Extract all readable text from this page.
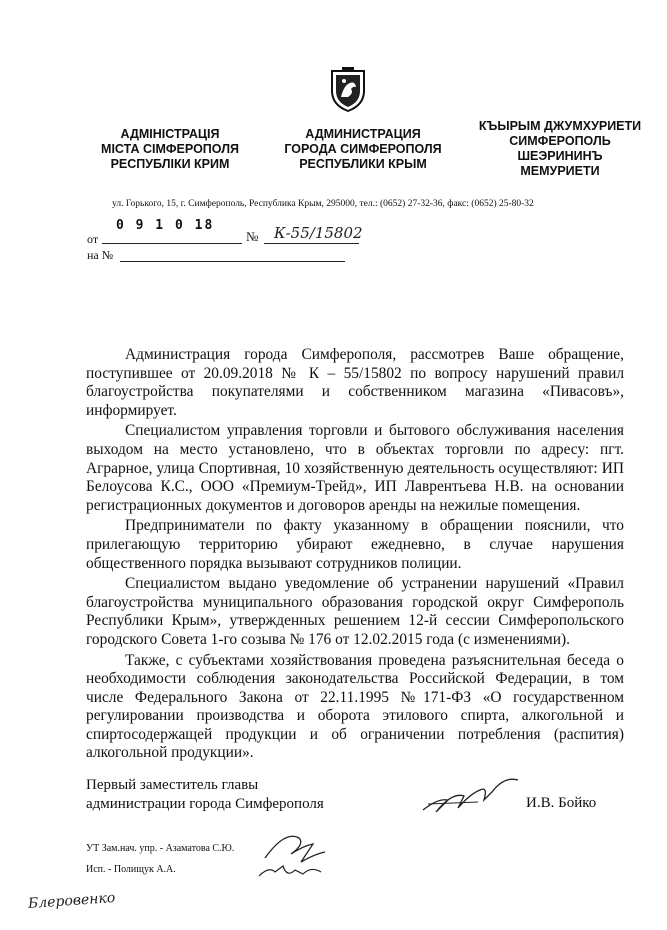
АДМІНІСТРАЦІЯ
МІСТА СІМФЕРОПОЛЯ
РЕСПУБЛІКИ КРИМ
АДМИНИСТРАЦИЯ
ГОРОДА СИМФЕРОПОЛЯ
РЕСПУБЛИКИ КРЫМ
КЪЫРЫМ ДЖУМХУРИЕТИ
СИМФЕРОПОЛЬ
ШЕЭРИНИНЪ
МЕМУРИЕТИ
ул. Горького, 15, г. Симферополь, Республика Крым, 295000, тел.: (0652) 27-32-36, факс: (0652) 25-80-32
от
0 9 1 0 18
№ К-55/15802
на №

Администрация города Симферополя, рассмотрев Ваше обращение, поступившее от 20.09.2018 № К – 55/15802 по вопросу нарушений правил благоустройства покупателями и собственником магазина «Пивасовъ», информирует.

Специалистом управления торговли и бытового обслуживания населения выходом на место установлено, что в объектах торговли по адресу: пгт. Аграрное, улица Спортивная, 10 хозяйственную деятельность осуществляют: ИП Белоусова К.С., ООО «Премиум-Трейд», ИП Лаврентьева Н.В. на основании регистрационных документов и договоров аренды на нежилые помещения.

Предприниматели по факту указанному в обращении пояснили, что прилегающую территорию убирают ежедневно, в случае нарушения общественного порядка вызывают сотрудников полиции.

Специалистом выдано уведомление об устранении нарушений «Правил благоустройства муниципального образования городской округ Симферополь Республики Крым», утвержденных решением 12-й сессии Симферопольского городского Совета 1-го созыва № 176 от 12.02.2015 года (с изменениями).

Также, с субъектами хозяйствования проведена разъяснительная беседа о необходимости соблюдения законодательства Российской Федерации, в том числе Федерального Закона от 22.11.1995 №171-ФЗ «О государственном регулировании производства и оборота этилового спирта, алкогольной и спиртосодержащей продукции и об ограничении потребления (распития) алкогольной продукции».

Первый заместитель главы
администрации города Симферополя	И.В. Бойко
УТ Зам.нач. упр. - Азаматова С.Ю.
Исп. - Полищук А.А.
Блеровенко
